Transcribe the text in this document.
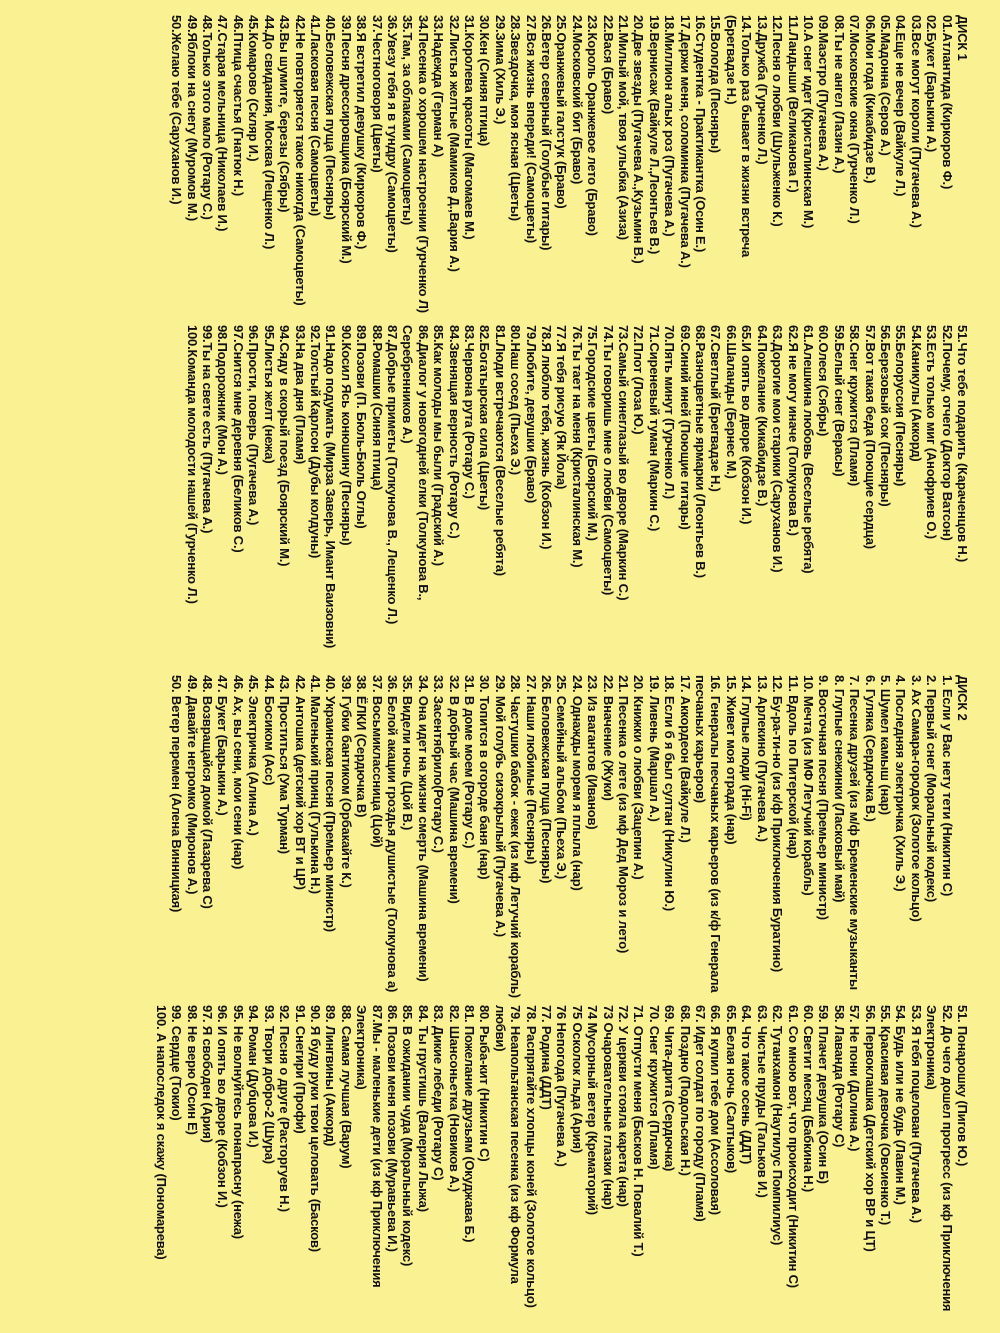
ДИСК 1
01.Атлантида (Киркоров Ф.)
02.Букет (Барыкин А.)
03.Все могут короли (Пугачева А.)
04.Еще не вечер (Вайкуле Л.)
05.Мадонна (Серов А.)
06.Мои года (Кикабидзе В.)
07.Московские окна (Гурченко Л.)
08.Ты не ангел (Лазин А.)
09.Маэстро (Пугачева А.)
10.А снег идет (Кристалинская М.)
11.Ландыши (Великанова Г.)
12.Песня о любви (Шульженко К.)
13.Дружба (Гурченко Л.)
14.Только раз бывает в жизни встреча
(Брегвадзе Н.)
15.Вологда (Песняры)
16.Студентка - Практикантка (Осин Е.)
17.Держи меня, соломинка (Пугачева А.)
18.Миллион алых роз (Пугачева А.)
19.Вернисаж (Вайкуле Л.,Леонтьев В.)
20.Две звезды (Пугачева А.,Кузьмин В.)
21.Милый мой, твоя улыбка (Азиза)
22.Вася (Браво)
23.Король Оранжевое лето (Браво)
24.Московский бит (Браво)
25.Оранжевый галстук (Браво)
26.Ветер северный (Голубые гитары)
27.Вся жизнь впереди! (Самоцветы)
28.Звездочка, моя ясная (Цветы)
29.Зима (Хиль Э.)
30.Кен (Синяя птица)
31.Королева красоты (Магомаев М.)
32.Листья желтые (Мамиков Д.,Вария А.)
33.Надежда (Герман А)
34.Песенка о хорошем настроении (Гурченко Л)
35.Там, за облаками (Самоцветы)
36.Увезу тебя я в тундру (Самоцветы)
37.Честноговоря (Цветы)
38.Я встретил девушку (Киркоров Ф.)
39.Песня дрессировщика (Боярский М.)
40.Беловежская пуща (Песняры)
41.Ласковая песня (Самоцветы)
42.Не повторяется такое никогда (Самоцветы)
43.Вы шумите, березы (Сябры)
44.До свидания, Москва (Лещенко Л.)
45.Комарово (Скляр И.)
46.Птица счастья (Гнатюк Н.)
47.Старая мельница (Николаев И.)
48.Только этого мало (Ротару С.)
49.Яблоки на снегу (Муромов М.)
50.Желаю тебе (Саруханов И.)
51.Что тебе подарить (Караченцов Н.)
52.Почему, отчего (Доктор Ватсон)
53.Есть только миг (Анофриев О.)
54.Каникулы (Аккорд)
55.Белоруссия (Песняры)
56.Березовый сок (Песняры)
57.Вот такая беда (Поющие сердца)
58.Снег кружится (Пламя)
59.Белый снег (Верасы)
60.Олеся (Сябры)
61.Алешкина любовь (Веселые ребята)
62.Я не могу иначе (Толкунова В.)
63.Дорогие мои старики (Саруханов И.)
64.Пожелание (Кикабидзе В.)
65.И опять во дворе (Кобзон И.)
66.Шаланды (Бернес М.)
67.Светлый (Брегвадзе Н.)
68.Разноцветные ярмарки (Леонтьев В.)
69.Синий иней (Поющие гитары)
70.Пять минут (Гурченко Л.)
71.Сиреневый туман (Маркин С.)
72.Плот (Лоза Ю.)
73.Самый синеглазый во дворе (Маркин С.)
74.Ты говоришь мне о любви (Самоцветы)
75.Городские цветы (Боярский М.)
76.Ты тает на меня (Кристалинская М.)
77.Я тебя рисую (Як Йола)
78.Я люблю тебя, жизнь (Кобзон И.)
79.Любите, девушки (Браво)
80.Наш сосед (Пьеха Э.)
81.Люди встречаются (Веселые ребята)
82.Богатырская сила (Цветы)
83.Червона рута (Ротару С.)
84.Звенящая верность (Ротару С.)
85.Как молоды мы были (Градский А.)
86.Диалог у новогодней елки (Толкунова В.,
Серебренников А.)
87.Добрые приметы (Толкунова В., Лещенко Л.)
88.Ромашки (Синяя птица)
89.Позови (П. Бюль-Бюль Оглы)
90.Косил Ясь конюшину (Песняры)
91.Надо подумать (Мирза Заверь, Имант Ваизовни)
92.Толстый Карлсон (Дубы колдуны)
93.На два дня (Пламя)
94.Сяду в скорый поезд (Боярский М.)
95.Листья желт (нежа)
96.Прости, поверь (Пугачева А.)
97.Снится мне деревня (Беликов С.)
98.Подорожник (Мон А.)
99.Ты на свете есть (Пугачева А.)
100.Команда молодости нашей (Гурченко Л.)
ДИСК 2
1. Если у Вас нету тети (Никитин С)
2. Первый снег (Моральный кодекс)
3. Ах Самара-городок (Золотое кольцо)
4. Последняя электричка (Хиль Э.)
5. Шумел камыш (нар)
6. Гуляка (Сердючка В.)
7. Песенка друзей (из м/ф Бременские музыканты
8. Глупые снежинки (Ласковый май)
9. Восточная песня (Премьер министр)
10. Мечта (из МФ Летучий корабль)
11. Вдоль по Питерской (нар)
12. Бу-ра-ти-но (из к/ф Приключения Буратино)
13. Арлекино (Пугачева А.)
14. Глупые люди (Hi-Fi)
15. Живет моя отрада (нар)
16. Генералы песчаных карьеров (из к/ф Генерала
песчаных карьеров)
17. Аккордеон (Вайкуле Л.)
18. Если б я был султан (Никулин Ю.)
19. Ливень (Маршал А.)
20. Книжки о любви (Зацепин А.)
21. Песенка о лете (из мф Дед Мороз и лето)
22. Вначение (Жуки)
23. Из вагантов (Иванов)
24. Однажды морем я плыла (нар)
25. Семейный альбом (Пьеха Э.)
26. Беловежская пуща (Песняры)
27. Наши любимые (Песняры)
28. Частушки бабок - ежек (из мф Летучий корабль)
29. Мой голубь сизокрылый (Пугачева А.)
30. Топится в огороде баня (нар)
31. В доме моем (Ротару С.)
32. В добрый час (Машина времени)
33. Засентябрило(Ротару С.)
34. Она идет на жизни смерть (Машина времени)
35. Видели ночь (Цой В.)
36. Белой акации гроздья душистые (Толкунова а)
37. Восьмиклассница (Цой)
38. ЁЛКИ (Сердючка В)
39. Губки бантиком (Орбакайте К.)
40. Украинская песня (Премьер министр)
41. Маленький принц (Гулькина Н.)
42. Антошка (детский хор ВТ и ЦР)
43. Проститься (Ума Турман)
44. Босиком (Асс)
45. Электричка (Алина А.)
46. Ах, вы сени, мои сени (нар)
47. Букет (Барыкин А.)
48. Возвращайся домой (Лазарева С)
49. Давайте негромко (Миронов А.)
50. Ветер перемен (Алена Винницкая)
51. Понарошку (Пигов Ю.)
52. До чего дошел прогресс (из кф Приключения
Электроника)
53. Я тебя поцелован (Пугачева А.)
54. Будь или не будь (Лавин М.)
55. Красивая девочка (Овсиенко Т.)
56. Первоклашка (Детский хор ВР и ЦТ)
57. Не пони (Долина А.)
58. Лаванда (Ротару С)
59. Плачет девушка (Осин Б)
60. Светит месяц (Бабкина Н.)
61. Со мною вот, что происходит (Никитин С)
62. Тутанхамон (Наутилус Помпилиус)
63. Чистые пруды (Тальков И.)
64. Что такое осень (ДДТ)
65. Белая ночь (Салтыков)
66. Я купил тебе дом (Ассоловая)
67. Идет солдат по городу (Пламя)
68. Поздно (Подольская Н.)
69. Чита-дрита (Сердючка)
70. Снег кружится (Пламя)
71. Отпусти меня (Басков Н. Повалий Т.)
72. У церкви стояла карета (нар)
73 Очаровательные глазки (нар)
74 Мусорный ветер (Крематорий)
75 Осколок льда (Ария)
76 Непогода (Пугачева А.)
77. Родина (ДДТ)
78. Распрягайте хлопцы коней (Золотое кольцо)
79. Неапольтанская песенка (из кф Формула
любви)
80. Рыба-кит (Никитин С)
81. Пожелание друзьям (Окуджава Б.)
82. Шансоньетка (Новиков А.)
83. Дикие лебеди (Ротару С)
84. Ты грустишь (Валерия Лыжа)
85. В ожидании чуда (Моральный кодекс)
86. Позови меня позови (Муравьева И.)
87.Мы - маленькие дети (из кф Приключения
Электроника)
88. Самая лучшая (Варум)
89. Лингвины (Аккорд)
90. Я буду руки твои целовать (Басков)
91. Снегири (Профи)
92. Песня о друге (Расторгуев Н.)
93. Твори добро-2 (Шура)
94. Роман (Дубцова И.)
95. Не волнуйтесь понапрасну (нежа)
96. И опять во дворе (Кобзон И.)
97. Я свободен (Ария)
98. Не верю (Осин Е)
99. Сердце (Токио)
100. А напоследок я скажу (Пономарева)
